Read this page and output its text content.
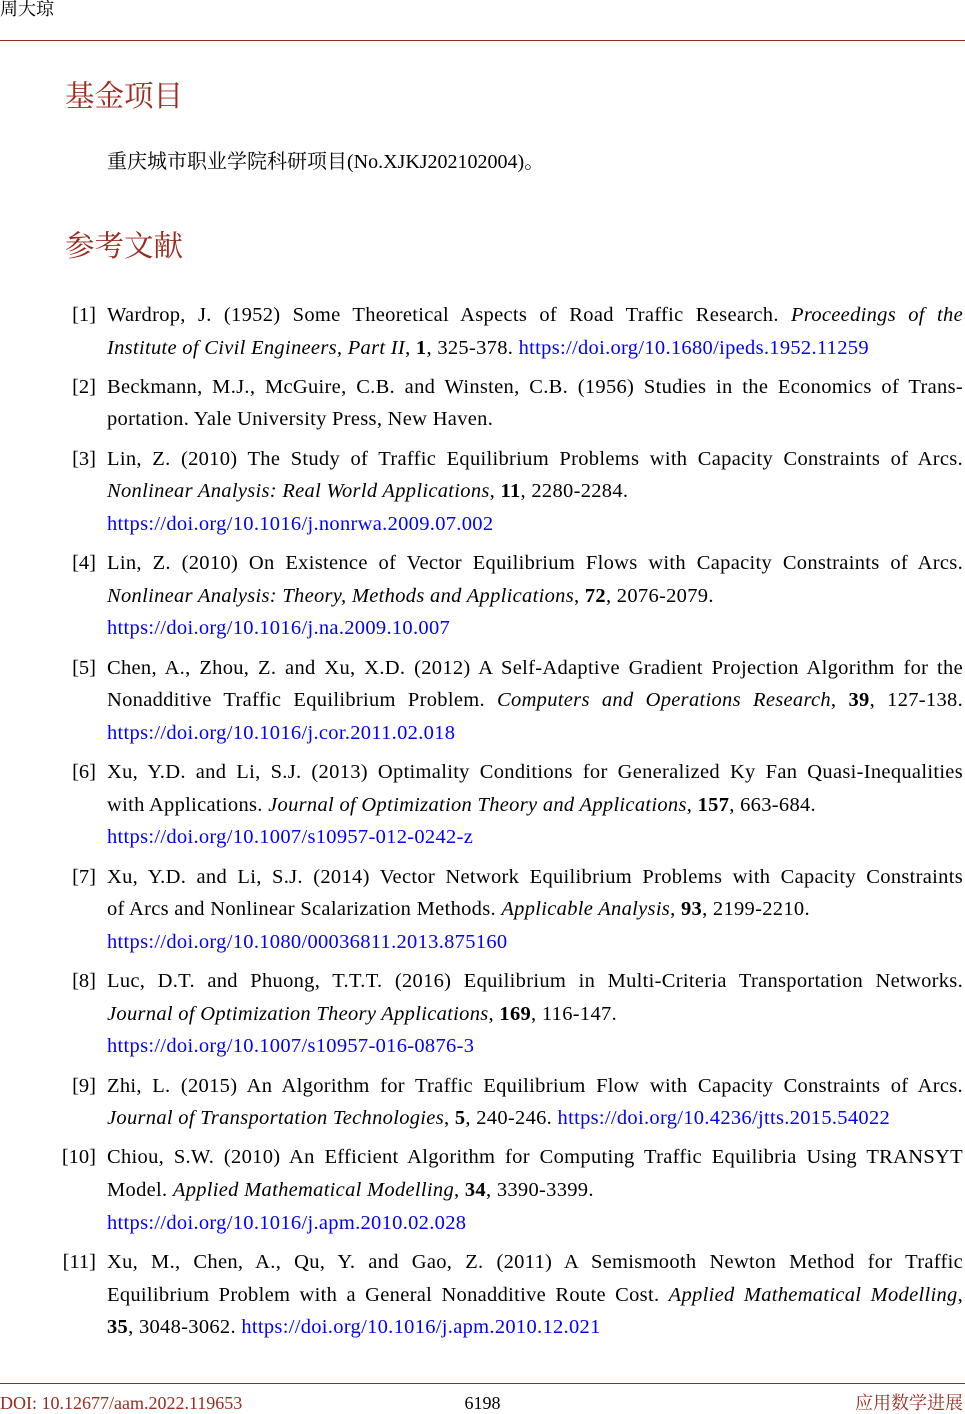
周大琼
基金项目

重庆城市职业学院科研项目(No.XJKJ202102004)。

参考文献
[1] Wardrop, J. (1952) Some Theoretical Aspects of Road Traffic Research. Proceedings of the
Institute of Civil Engineers, Part II, 1, 325-378. https://doi.org/10.1680/ipeds.1952.11259
[2] Beckmann, M.J., McGuire, C.B. and Winsten, C.B. (1956) Studies in the Economics of Trans-
portation. Yale University Press, New Haven.
[3] Lin, Z. (2010) The Study of Traffic Equilibrium Problems with Capacity Constraints of Arcs.
Nonlinear Analysis: Real World Applications, 11, 2280-2284.
https://doi.org/10.1016/j.nonrwa.2009.07.002
[4] Lin, Z. (2010) On Existence of Vector Equilibrium Flows with Capacity Constraints of Arcs.
Nonlinear Analysis: Theory, Methods and Applications, 72, 2076-2079.
https://doi.org/10.1016/j.na.2009.10.007
[5] Chen, A., Zhou, Z. and Xu, X.D. (2012) A Self-Adaptive Gradient Projection Algorithm for the
Nonadditive Traffic Equilibrium Problem. Computers and Operations Research, 39, 127-138.
https://doi.org/10.1016/j.cor.2011.02.018
[6] Xu, Y.D. and Li, S.J. (2013) Optimality Conditions for Generalized Ky Fan Quasi-Inequalities
with Applications. Journal of Optimization Theory and Applications, 157, 663-684.
https://doi.org/10.1007/s10957-012-0242-z
[7] Xu, Y.D. and Li, S.J. (2014) Vector Network Equilibrium Problems with Capacity Constraints
of Arcs and Nonlinear Scalarization Methods. Applicable Analysis, 93, 2199-2210.
https://doi.org/10.1080/00036811.2013.875160
[8] Luc, D.T. and Phuong, T.T.T. (2016) Equilibrium in Multi-Criteria Transportation Networks.
Journal of Optimization Theory Applications, 169, 116-147.
https://doi.org/10.1007/s10957-016-0876-3
[9] Zhi, L. (2015) An Algorithm for Traffic Equilibrium Flow with Capacity Constraints of Arcs.
Journal of Transportation Technologies, 5, 240-246. https://doi.org/10.4236/jtts.2015.54022
[10] Chiou, S.W. (2010) An Efficient Algorithm for Computing Traffic Equilibria Using TRANSYT
Model. Applied Mathematical Modelling, 34, 3390-3399.
https://doi.org/10.1016/j.apm.2010.02.028
[11] Xu, M., Chen, A., Qu, Y. and Gao, Z. (2011) A Semismooth Newton Method for Traffic
Equilibrium Problem with a General Nonadditive Route Cost. Applied Mathematical Modelling,
35, 3048-3062. https://doi.org/10.1016/j.apm.2010.12.021
DOI: 10.12677/aam.2022.119653	6198	应用数学进展
